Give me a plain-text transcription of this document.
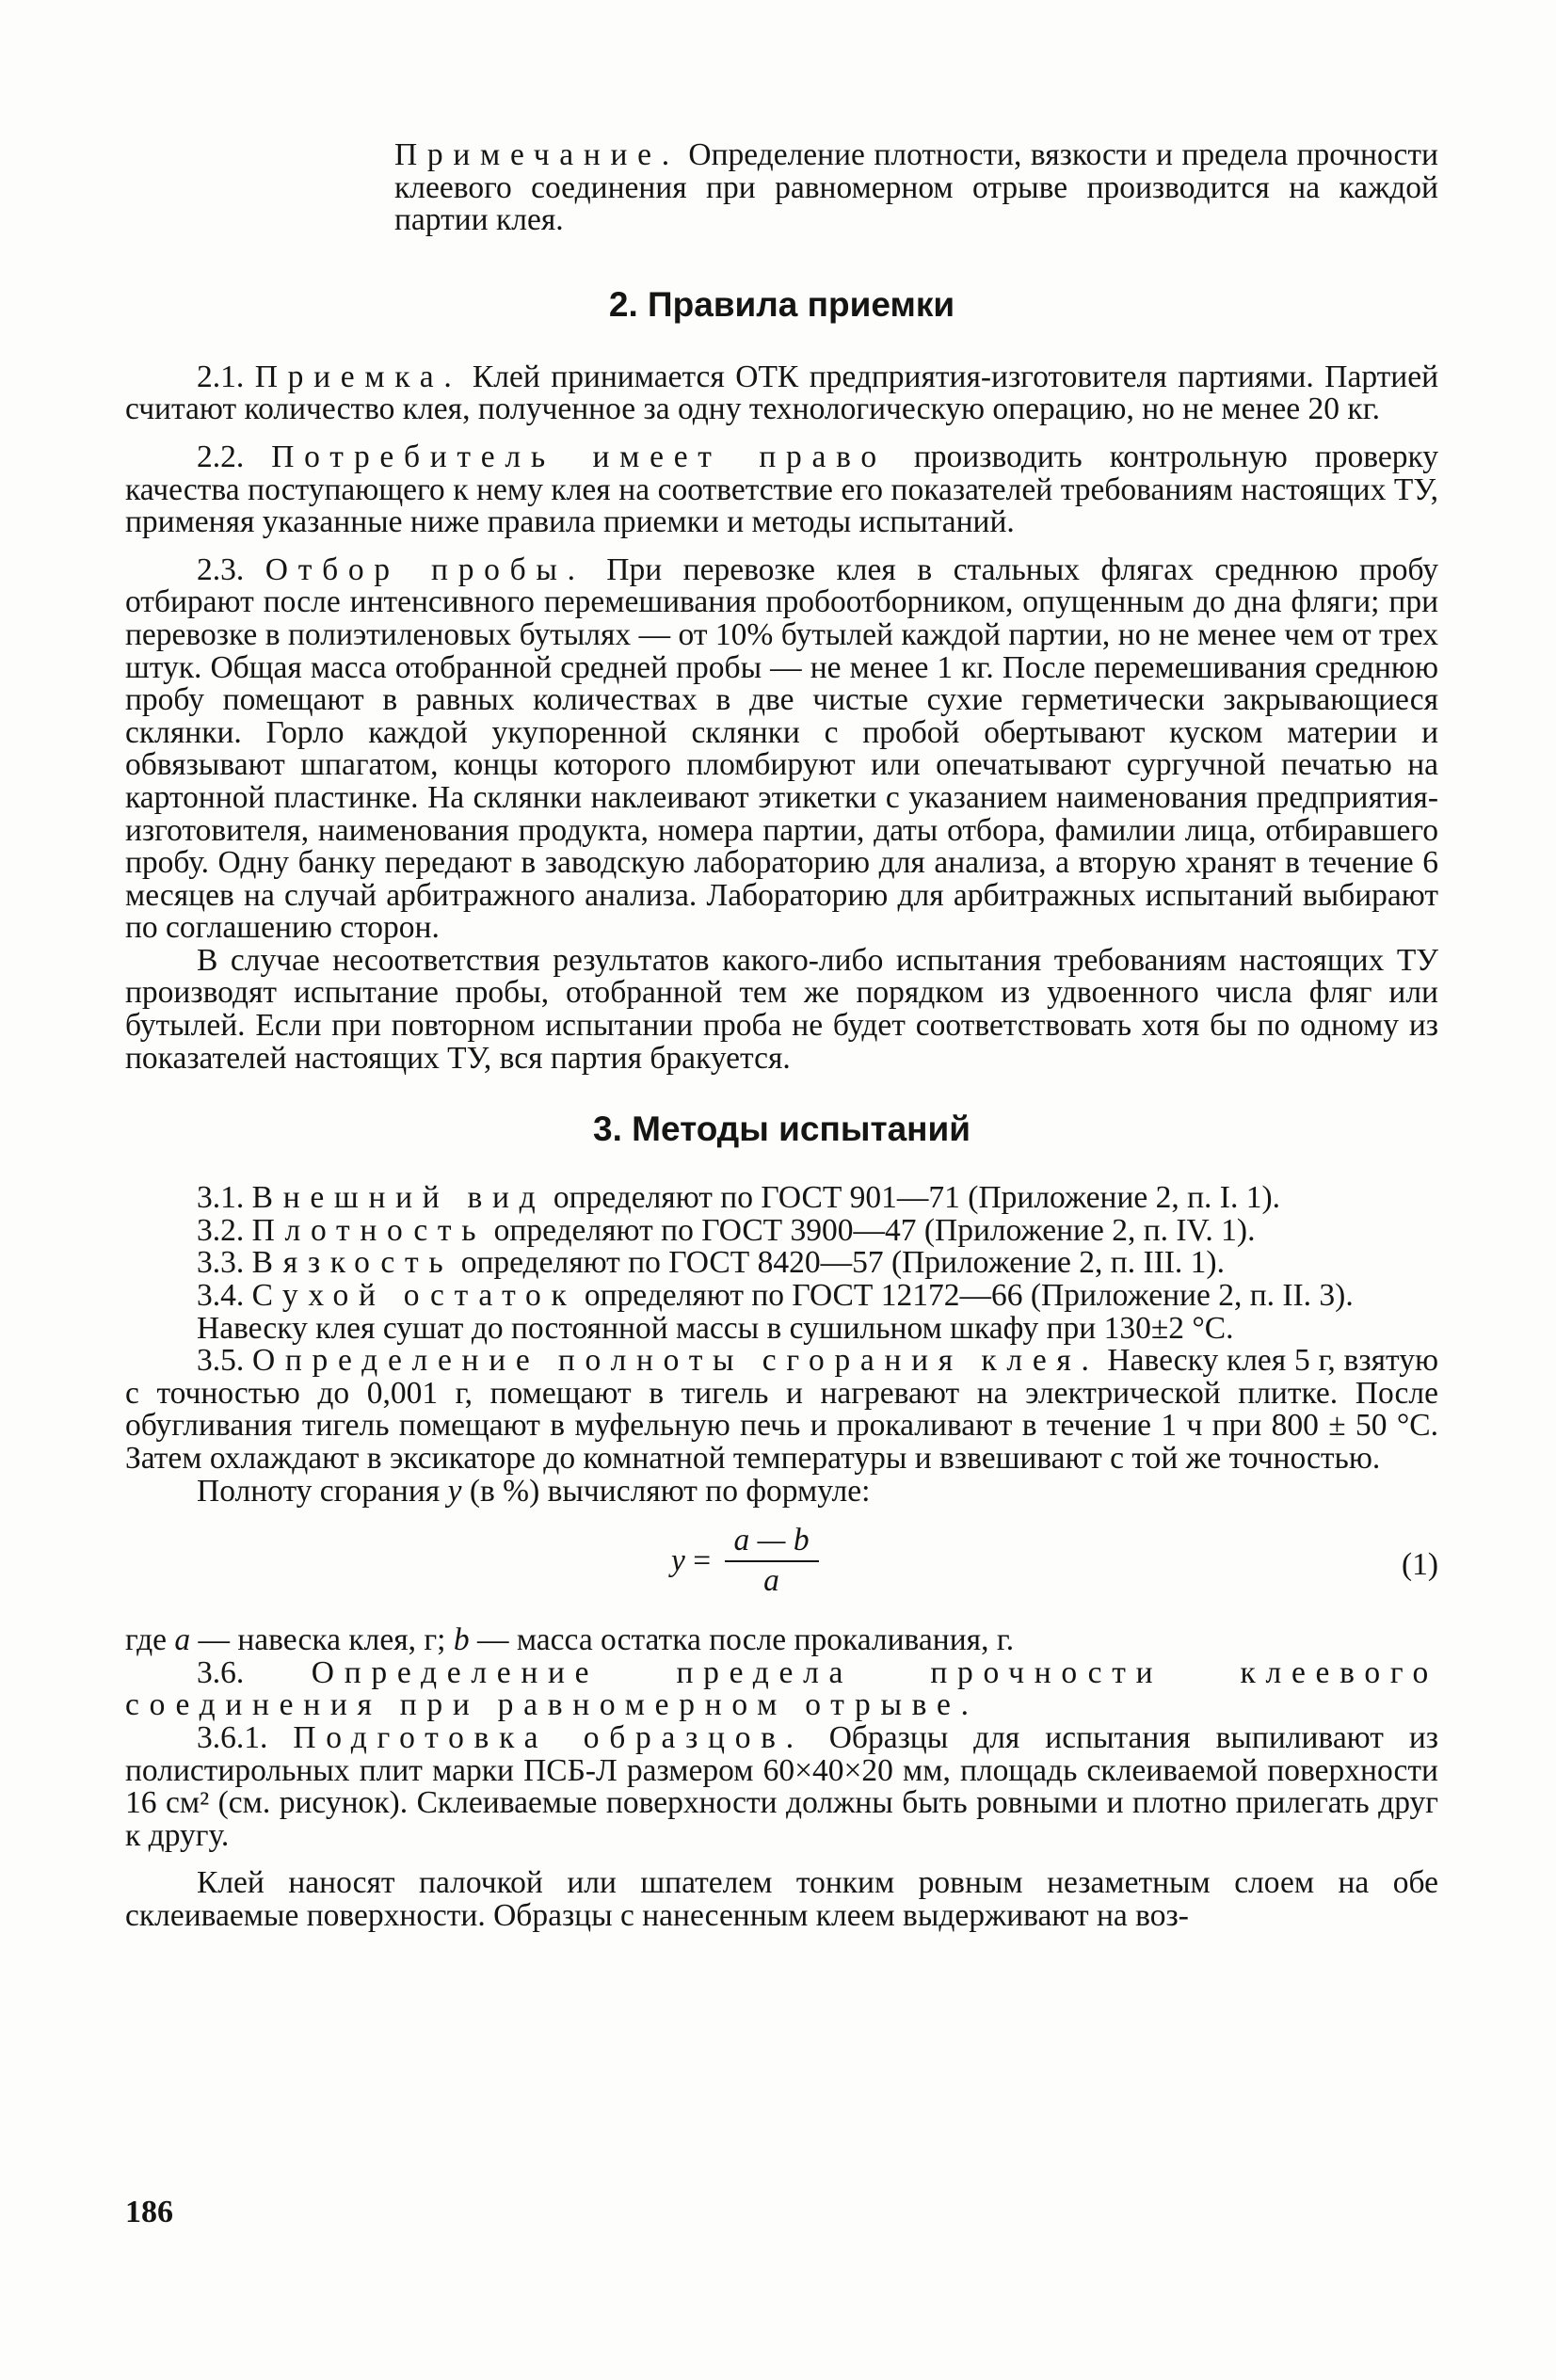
Примечание. Определение плотности, вязкости и предела прочности клеевого соединения при равномерном отрыве производится на каждой партии клея.

2. Правила приемки

2.1. Приемка. Клей принимается ОТК предприятия-изготовителя партиями. Партией считают количество клея, полученное за одну технологическую операцию, но не менее 20 кг.

2.2. Потребитель имеет право производить контрольную проверку качества поступающего к нему клея на соответствие его показателей требованиям настоящих ТУ, применяя указанные ниже правила приемки и методы испытаний.

2.3. Отбор пробы. При перевозке клея в стальных флягах среднюю пробу отбирают после интенсивного перемешивания пробоотборником, опущенным до дна фляги; при перевозке в полиэтиленовых бутылях — от 10% бутылей каждой партии, но не менее чем от трех штук. Общая масса отобранной средней пробы — не менее 1 кг. После перемешивания среднюю пробу помещают в равных количествах в две чистые сухие герметически закрывающиеся склянки. Горло каждой укупоренной склянки с пробой обертывают куском материи и обвязывают шпагатом, концы которого пломбируют или опечатывают сургучной печатью на картонной пластинке. На склянки наклеивают этикетки с указанием наименования предприятия-изготовителя, наименования продукта, номера партии, даты отбора, фамилии лица, отбиравшего пробу. Одну банку передают в заводскую лабораторию для анализа, а вторую хранят в течение 6 месяцев на случай арбитражного анализа. Лабораторию для арбитражных испытаний выбирают по соглашению сторон.

В случае несоответствия результатов какого-либо испытания требованиям настоящих ТУ производят испытание пробы, отобранной тем же порядком из удвоенного числа фляг или бутылей. Если при повторном испытании проба не будет соответствовать хотя бы по одному из показателей настоящих ТУ, вся партия бракуется.

3. Методы испытаний

3.1. Внешний вид определяют по ГОСТ 901—71 (Приложение 2, п. I. 1).

3.2. Плотность определяют по ГОСТ 3900—47 (Приложение 2, п. IV. 1).

3.3. Вязкость определяют по ГОСТ 8420—57 (Приложение 2, п. III. 1).

3.4. Сухой остаток определяют по ГОСТ 12172—66 (Приложение 2, п. II. 3).

Навеску клея сушат до постоянной массы в сушильном шкафу при 130±2 °С.

3.5. Определение полноты сгорания клея. Навеску клея 5 г, взятую с точностью до 0,001 г, помещают в тигель и нагревают на электрической плитке. После обугливания тигель помещают в муфельную печь и прокаливают в течение 1 ч при 800 ± 50 °С. Затем охлаждают в эксикаторе до комнатной температуры и взвешивают с той же точностью.

Полноту сгорания y (в %) вычисляют по формуле:

$y = \frac{a — b}{a}$	(1)

где a — навеска клея, г; b — масса остатка после прокаливания, г.

3.6. Определение предела прочности клеевого соединения при равномерном отрыве.

3.6.1. Подготовка образцов. Образцы для испытания выпиливают из полистирольных плит марки ПСБ-Л размером 60×40×20 мм, площадь склеиваемой поверхности 16 см² (см. рисунок). Склеиваемые поверхности должны быть ровными и плотно прилегать друг к другу.

Клей наносят палочкой или шпателем тонким ровным незаметным слоем на обе склеиваемые поверхности. Образцы с нанесенным клеем выдерживают на воз-

186
